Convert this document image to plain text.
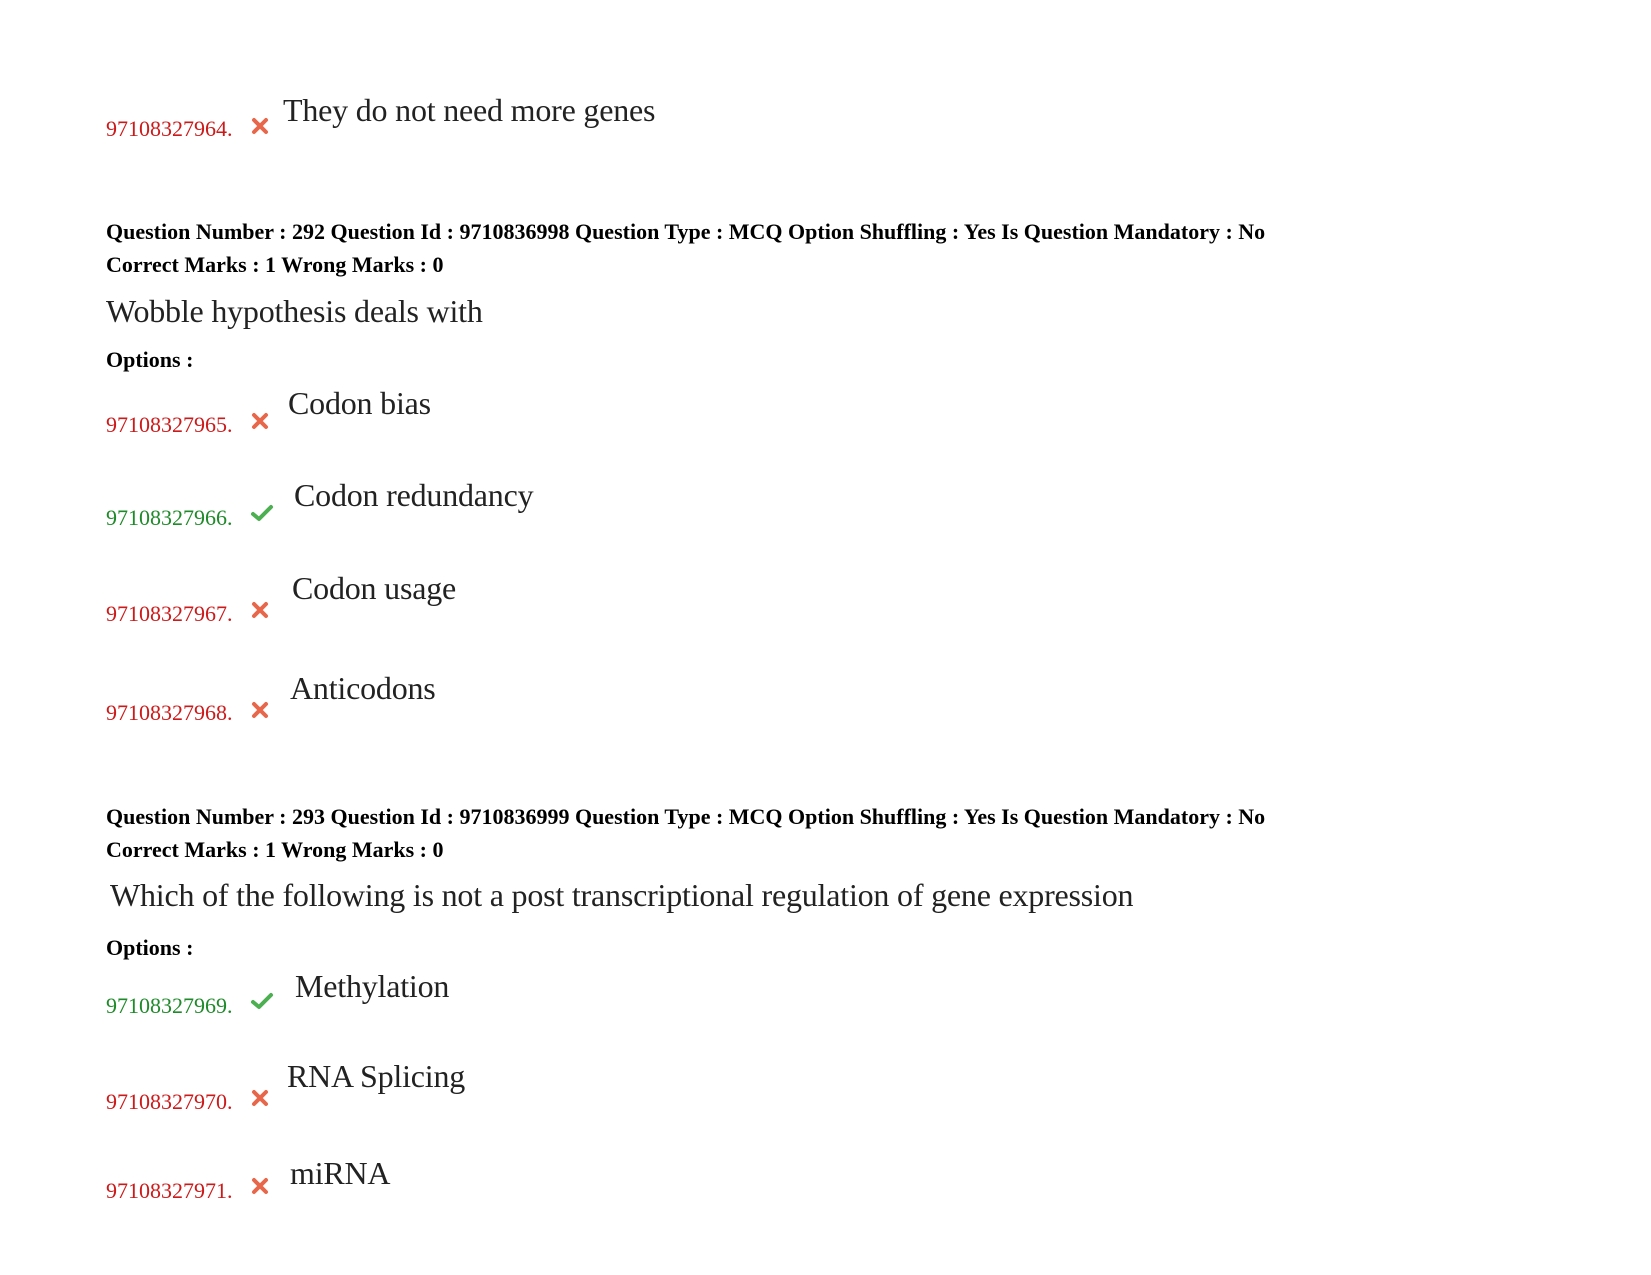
97108327964.
They do not need more genes
Question Number : 292 Question Id : 9710836998 Question Type : MCQ Option Shuffling : Yes Is Question Mandatory : No
Correct Marks : 1 Wrong Marks : 0
Wobble hypothesis deals with
Options :
97108327965.
Codon bias
97108327966.
Codon redundancy
97108327967.
Codon usage
97108327968.
Anticodons
Question Number : 293 Question Id : 9710836999 Question Type : MCQ Option Shuffling : Yes Is Question Mandatory : No
Correct Marks : 1 Wrong Marks : 0
Which of the following is not a post transcriptional regulation of gene expression
Options :
97108327969.
Methylation
97108327970.
RNA Splicing
97108327971. miRNA
